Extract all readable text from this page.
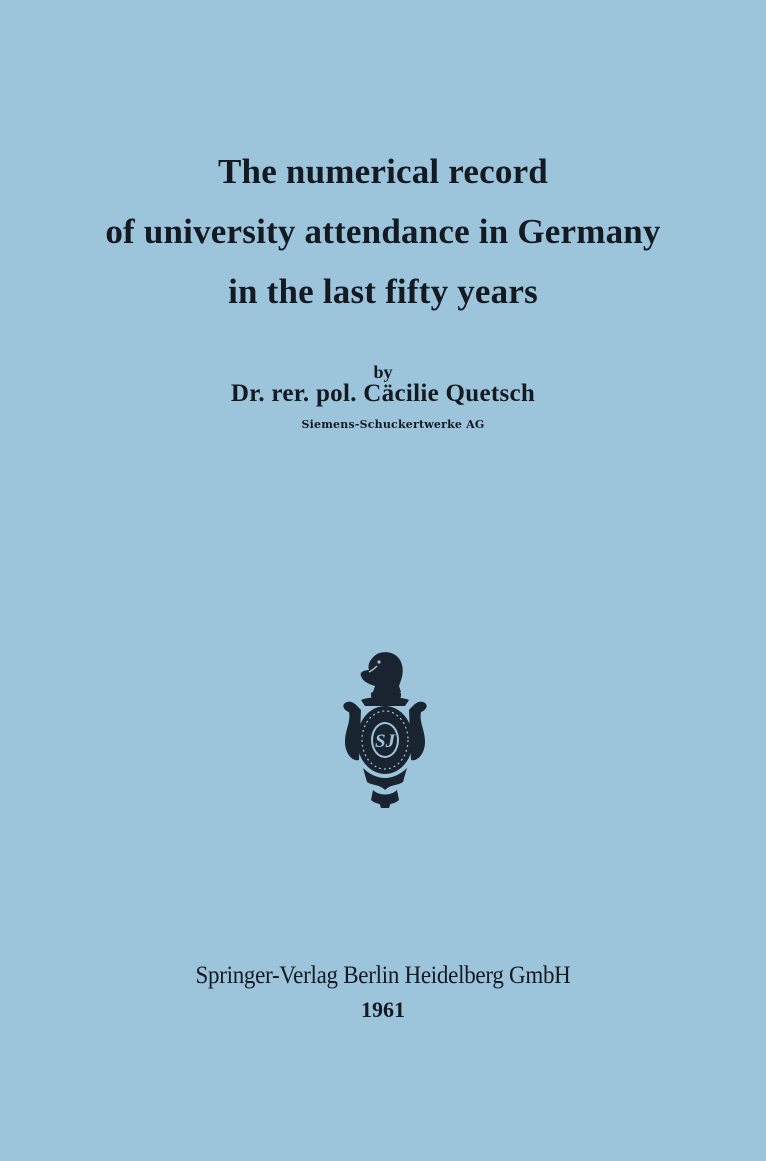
The numerical record
of university attendance in Germany
in the last fifty years
by
Dr. rer. pol. Cäcilie Quetsch
Siemens-Schuckertwerke AG
SJ
Springer-Verlag Berlin Heidelberg GmbH
1961
